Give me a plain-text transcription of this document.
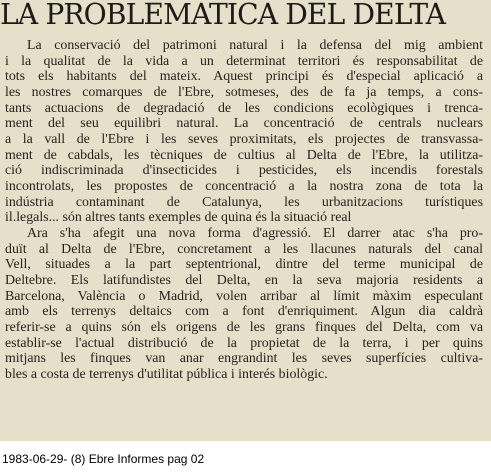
LA PROBLEMATICA DEL DELTA
La conservació del patrimoni natural i la defensa del mig ambient
i la qualitat de la vida a un determinat territori és responsabilitat de
tots els habitants del mateix. Aquest principi és d'especial aplicació a
les nostres comarques de l'Ebre, sotmeses, des de fa ja temps, a cons-
tants actuacions de degradació de les condicions ecològiques i trenca-
ment del seu equilibri natural. La concentració de centrals nuclears
a la vall de l'Ebre i les seves proximitats, els projectes de transvassa-
ment de cabdals, les tècniques de cultius al Delta de l'Ebre, la utilitza-
ció indiscriminada d'insecticides i pesticides, els incendis forestals
incontrolats, les propostes de concentració a la nostra zona de tota la
indústria contaminant de Catalunya, les urbanitzacions turístiques
il.legals... són altres tants exemples de quina és la situació real
Ara s'ha afegit una nova forma d'agressió. El darrer atac s'ha pro-
duït al Delta de l'Ebre, concretament a les llacunes naturals del canal
Vell, situades a la part septentrional, dintre del terme municipal de
Deltebre. Els latifundistes del Delta, en la seva majoria residents a
Barcelona, València o Madrid, volen arribar al límit màxim especulant
amb els terrenys deltaics com a font d'enriquiment. Algun dia caldrà
referir-se a quins són els origens de les grans finques del Delta, com va
establir-se l'actual distribució de la propietat de la terra, i per quins
mitjans les finques van anar engrandint les seves superfícies cultiva-
bles a costa de terrenys d'utilitat pública i interés biològic.
1983-06-29- (8) Ebre Informes pag 02
